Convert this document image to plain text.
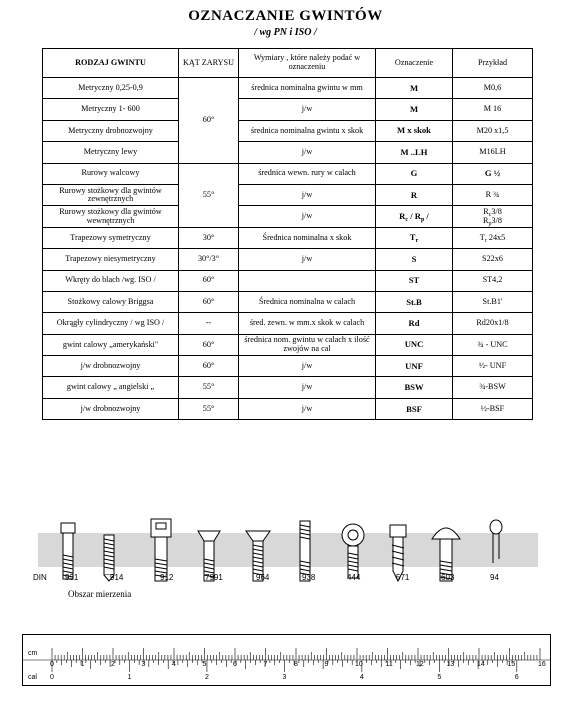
OZNACZANIE GWINTÓW
/ wg PN i ISO /
RODZAJ GWINTU	KĄT ZARYSU	Wymiary , które należy podać w oznaczeniu	Oznaczenie	Przykład
Metryczny 0,25-0,9	60°	średnica nominalna gwintu w mm	M	M0,6
Metryczny 1- 600		j/w	M	M 16
Metryczny drobnozwojny		średnica nominalna gwintu x skok	M x skok	M20 x1,5
Metryczny lewy		j/w	M ..LH	M16LH
Rurowy walcowy	55°	średnica wewn. rury w calach	G	G ½
Rurowy stożkowy dla gwintów zewnętrznych		j/w	R	R ¾
Rurowy stożkowy dla gwintów wewnętrznych		j/w	$R_c / R_p$ /	$R_c3/8$
$R_p3/8$
Trapezowy symetryczny	30°	Średnica nominalna x skok	$T_r$	$T_r$ 24x5
Trapezowy niesymetryczny	30°/3°	j/w	S	S22x6
Wkręty do blach /wg. ISO /	60°		ST	ST4,2
Stożkowy calowy Briggsa	60°	Średnica nominalna w calach	St.B	St.B1'
Okrągły cylindryczny / wg ISO /	--	śred. zewn. w mm.x skok w calach	Rd	Rd20x1/8
gwint calowy „amerykański"	60°	średnica nom. gwintu w calach x ilość zwojów na cal	UNC	¾ - UNC
j/w drobnozwojny	60°	j/w	UNF	½- UNF
gwint calowy „ angielski „	55°	j/w	BSW	¾-BSW
j/w drobnozwojny	55°	j/w	BSF	½-BSF
DIN 931	914	912	7991	964	938	444	571	603	94
Obszar mierzenia
cm
cal
0	1	2	3	4	5	6	7	8	9	10	11	12	13	14	15	16
0	1	2	3	4	5	6
